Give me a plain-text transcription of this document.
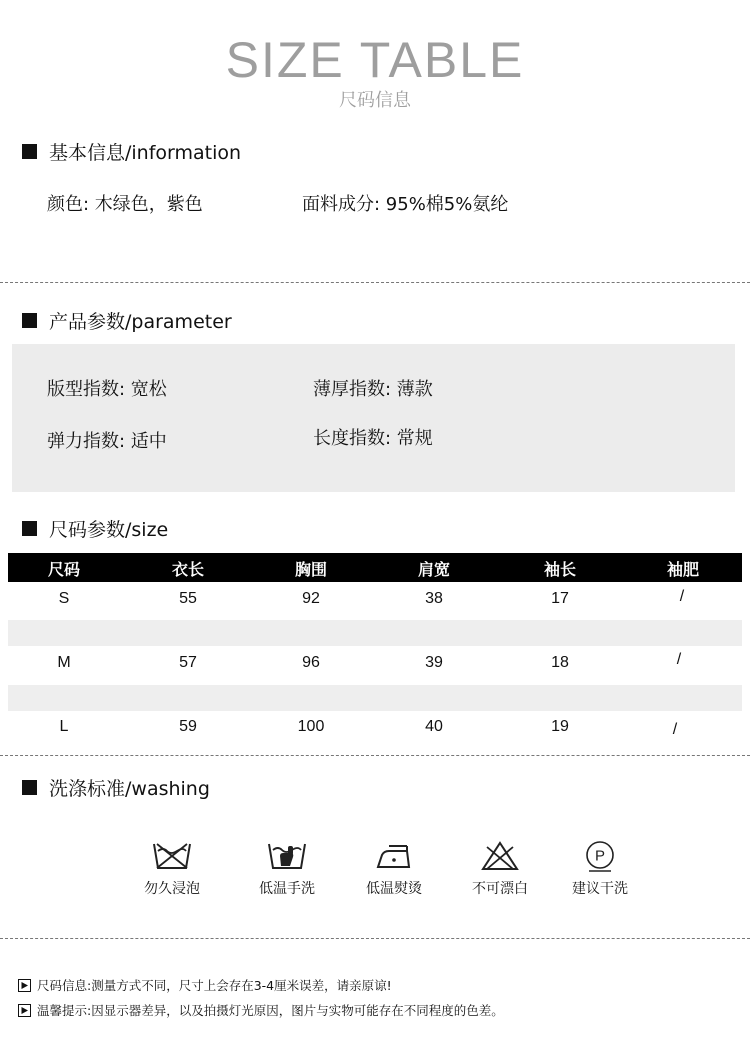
SIZE TABLE
尺码信息
基本信息/information
颜色: 木绿色，紫色	面料成分: 95%棉5%氨纶
产品参数/parameter
版型指数: 宽松	薄厚指数: 薄款
弹力指数: 适中	长度指数: 常规
尺码参数/size
尺码	衣长	胸围	肩宽	袖长	袖肥
S	55	92	38	17	/
M	57	96	39	18	/
L	59	100	40	19	/
洗涤标准/washing
勿久浸泡	低温手洗	低温熨烫	不可漂白
P
建议干洗
尺码信息:测量方式不同，尺寸上会存在3-4厘米误差，请亲原谅!
温馨提示:因显示器差异，以及拍摄灯光原因，图片与实物可能存在不同程度的色差。
